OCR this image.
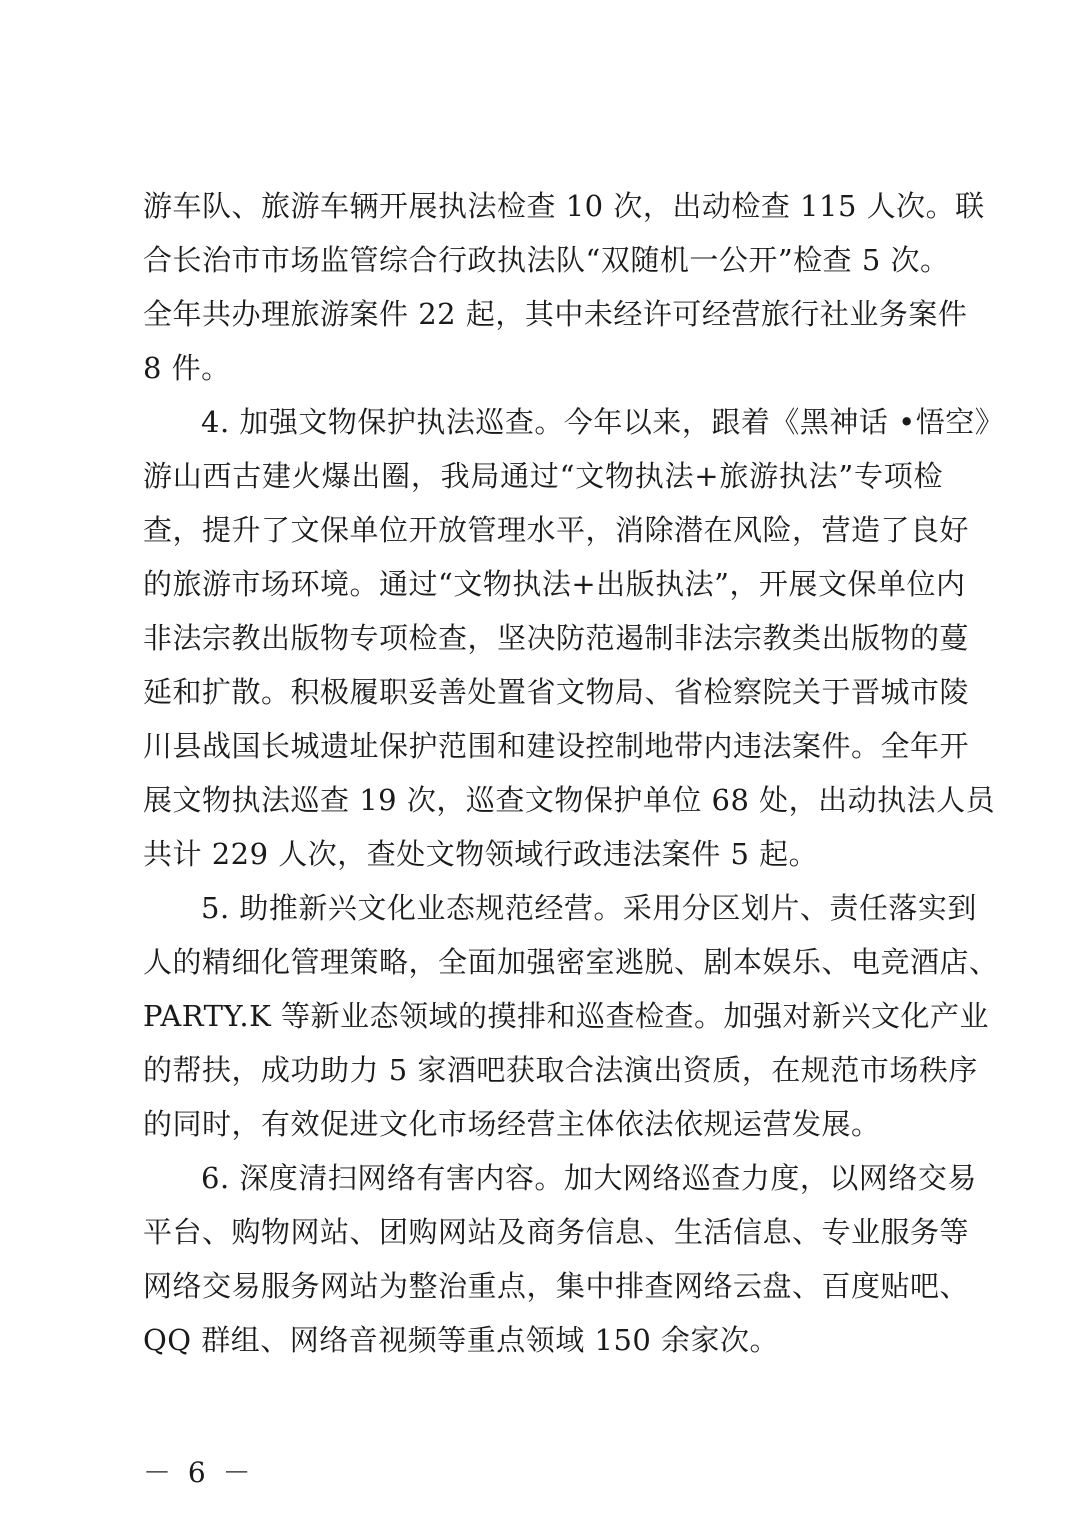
游车队、旅游车辆开展执法检查 10 次，出动检查 115 人次。联
合长治市市场监管综合行政执法队“双随机一公开”检查 5 次。
全年共办理旅游案件 22 起，其中未经许可经营旅行社业务案件
8 件。
4. 加强文物保护执法巡查。今年以来，跟着《黑神话 •悟空》
游山西古建火爆出圈，我局通过“文物执法+旅游执法”专项检
查，提升了文保单位开放管理水平，消除潜在风险，营造了良好
的旅游市场环境。通过“文物执法+出版执法”，开展文保单位内
非法宗教出版物专项检查，坚决防范遏制非法宗教类出版物的蔓
延和扩散。积极履职妥善处置省文物局、省检察院关于晋城市陵
川县战国长城遗址保护范围和建设控制地带内违法案件。全年开
展文物执法巡查 19 次，巡查文物保护单位 68 处，出动执法人员
共计 229 人次，查处文物领域行政违法案件 5 起。
5. 助推新兴文化业态规范经营。采用分区划片、责任落实到
人的精细化管理策略，全面加强密室逃脱、剧本娱乐、电竞酒店、
PARTY.K 等新业态领域的摸排和巡查检查。加强对新兴文化产业
的帮扶，成功助力 5 家酒吧获取合法演出资质，在规范市场秩序
的同时，有效促进文化市场经营主体依法依规运营发展。
6. 深度清扫网络有害内容。加大网络巡查力度，以网络交易
平台、购物网站、团购网站及商务信息、生活信息、专业服务等
网络交易服务网站为整治重点，集中排查网络云盘、百度贴吧、
QQ 群组、网络音视频等重点领域 150 余家次。
－ 6 －
